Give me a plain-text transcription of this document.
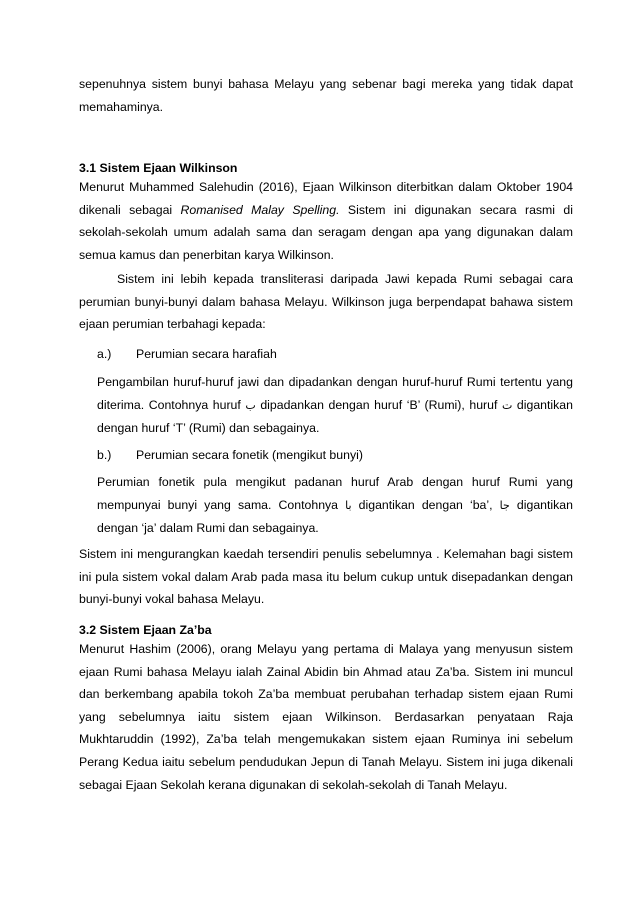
sepenuhnya sistem bunyi bahasa Melayu yang sebenar bagi mereka yang tidak dapat memahaminya.

3.1 Sistem Ejaan Wilkinson

Menurut Muhammed Salehudin (2016), Ejaan Wilkinson diterbitkan dalam Oktober 1904 dikenali sebagai Romanised Malay Spelling. Sistem ini digunakan secara rasmi di sekolah-sekolah umum adalah sama dan seragam dengan apa yang digunakan dalam semua kamus dan penerbitan karya Wilkinson.

Sistem ini lebih kepada transliterasi daripada Jawi kepada Rumi sebagai cara perumian bunyi-bunyi dalam bahasa Melayu. Wilkinson juga berpendapat bahawa sistem ejaan perumian terbahagi kepada:

a.) Perumian secara harafiah

Pengambilan huruf-huruf jawi dan dipadankan dengan huruf-huruf Rumi tertentu yang diterima. Contohnya huruf ب dipadankan dengan huruf ‘B’ (Rumi), huruf ت digantikan dengan huruf ‘T’ (Rumi) dan sebagainya.

b.) Perumian secara fonetik (mengikut bunyi)

Perumian fonetik pula mengikut padanan huruf Arab dengan huruf Rumi yang mempunyai bunyi yang sama. Contohnya با digantikan dengan ‘ba’, جا digantikan dengan ‘ja’ dalam Rumi dan sebagainya.

Sistem ini mengurangkan kaedah tersendiri penulis sebelumnya . Kelemahan bagi sistem ini pula sistem vokal dalam Arab pada masa itu belum cukup untuk disepadankan dengan bunyi-bunyi vokal bahasa Melayu.

3.2 Sistem Ejaan Za’ba

Menurut Hashim (2006), orang Melayu yang pertama di Malaya yang menyusun sistem ejaan Rumi bahasa Melayu ialah Zainal Abidin bin Ahmad atau Za’ba. Sistem ini muncul dan berkembang apabila tokoh Za’ba membuat perubahan terhadap sistem ejaan Rumi yang sebelumnya iaitu sistem ejaan Wilkinson. Berdasarkan penyataan Raja Mukhtaruddin (1992), Za’ba telah mengemukakan sistem ejaan Ruminya ini sebelum Perang Kedua iaitu sebelum pendudukan Jepun di Tanah Melayu. Sistem ini juga dikenali sebagai Ejaan Sekolah kerana digunakan di sekolah-sekolah di Tanah Melayu.
